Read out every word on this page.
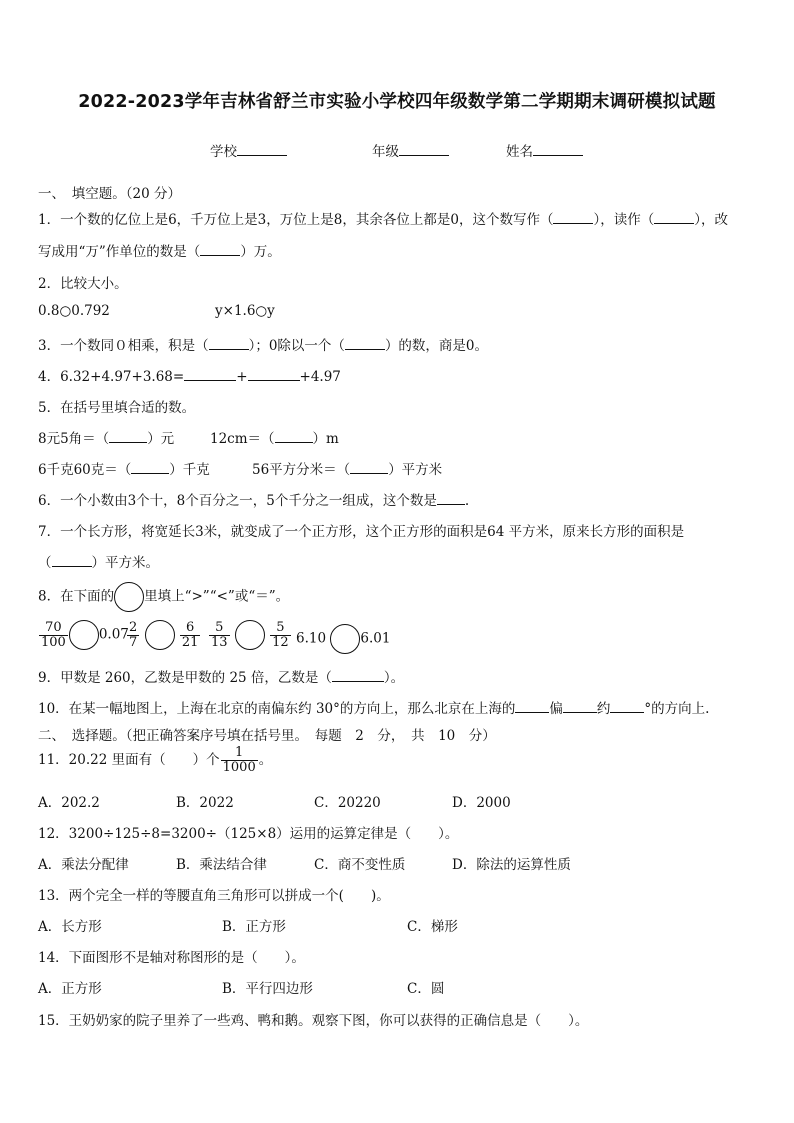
2022-2023学年吉林省舒兰市实验小学校四年级数学第二学期期末调研模拟试题
学校	年级	姓名
一、　填空题。（20 分）
1．一个数的亿位上是6，千万位上是3，万位上是8，其余各位上都是0，这个数写作（	），读作（	），改
写成用“万”作单位的数是（	）万。
2．比较大小。
0.8○0.792	y×1.6○y
3．一个数同０相乘，积是（	）；0除以一个（	）的数，商是0。
4．6.32+4.97+3.68=	+	+4.97
5．在括号里填合适的数。
8元5角＝（	）元	12cm＝（	）m
6千克60克＝（	）千克	56平方分米＝（	）平方米
6．一个小数由3个十，8个百分之一，5个千分之一组成，这个数是 .
7．一个长方形，将宽延长3米，就变成了一个正方形，这个正方形的面积是64 平方米，原来长方形的面积是
（	）平方米。
8．在下面的 里填上“>”“<”或“＝”。
$\frac{70}{100} 0.07$
$\frac{2}{7}$
	$\frac{6}{21} \frac{5}{13}$
	$\frac{5}{12} 6.10$	6.01
9．甲数是 260，乙数是甲数的 25 倍，乙数是（	）。
10．在某一幅地图上，上海在北京的南偏东约 30°的方向上，那么北京在上海的	偏	约	°的方向上.
二、　选择题。（把正确答案序号填在括号里。　每题　2　分，　共　10　分）
11．20.22 里面有（　　）个 $\frac{1}{1000}$ 。
A．202.2	B．2022	C．20220	D．2000
12．3200÷125÷8=3200÷（125×8）运用的运算定律是（　　）。
A．乘法分配律	B．乘法结合律	C．商不变性质	D．除法的运算性质
13．两个完全一样的等腰直角三角形可以拼成一个(　　)。
A．长方形	B．正方形	C．梯形
14．下面图形不是轴对称图形的是（　　）。
A．正方形	B．平行四边形	C．圆
15．王奶奶家的院子里养了一些鸡、鸭和鹅。观察下图，你可以获得的正确信息是（　　）。
